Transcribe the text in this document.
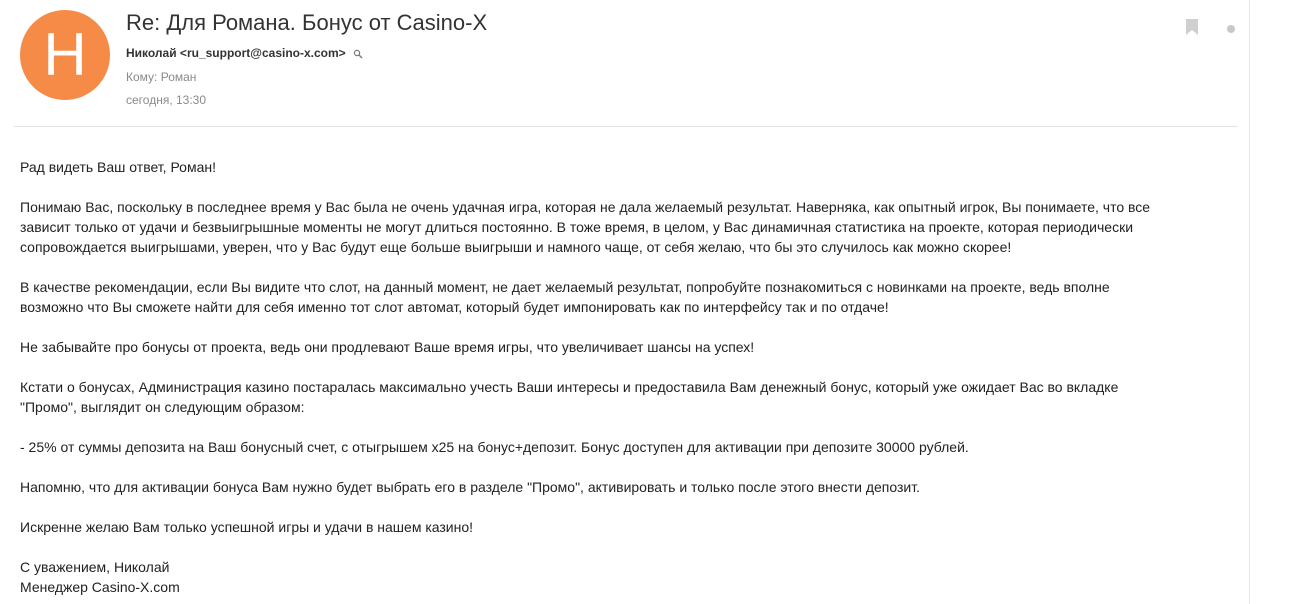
Н	Re: Для Романа. Бонус от Casino-X
Николай <ru_support@casino-x.com>
Кому: Роман
сегодня, 13:30

Рад видеть Ваш ответ, Роман!

Понимаю Вас, поскольку в последнее время у Вас была не очень удачная игра, которая не дала желаемый результат. Наверняка, как опытный игрок, Вы понимаете, что все
зависит только от удачи и безвыигрышные моменты не могут длиться постоянно. В тоже время, в целом, у Вас динамичная статистика на проекте, которая периодически
сопровождается выигрышами, уверен, что у Вас будут еще больше выигрыши и намного чаще, от себя желаю, что бы это случилось как можно скорее!

В качестве рекомендации, если Вы видите что слот, на данный момент, не дает желаемый результат, попробуйте познакомиться с новинками на проекте, ведь вполне
возможно что Вы сможете найти для себя именно тот слот автомат, который будет импонировать как по интерфейсу так и по отдаче!

Не забывайте про бонусы от проекта, ведь они продлевают Ваше время игры, что увеличивает шансы на успех!

Кстати о бонусах, Администрация казино постаралась максимально учесть Ваши интересы и предоставила Вам денежный бонус, который уже ожидает Вас во вкладке
"Промо", выглядит он следующим образом:

- 25% от суммы депозита на Ваш бонусный счет, с отыгрышем х25 на бонус+депозит. Бонус доступен для активации при депозите 30000 рублей.

Напомню, что для активации бонуса Вам нужно будет выбрать его в разделе "Промо", активировать и только после этого внести депозит.

Искренне желаю Вам только успешной игры и удачи в нашем казино!

С уважением, Николай

Менеджер Casino-X.com
